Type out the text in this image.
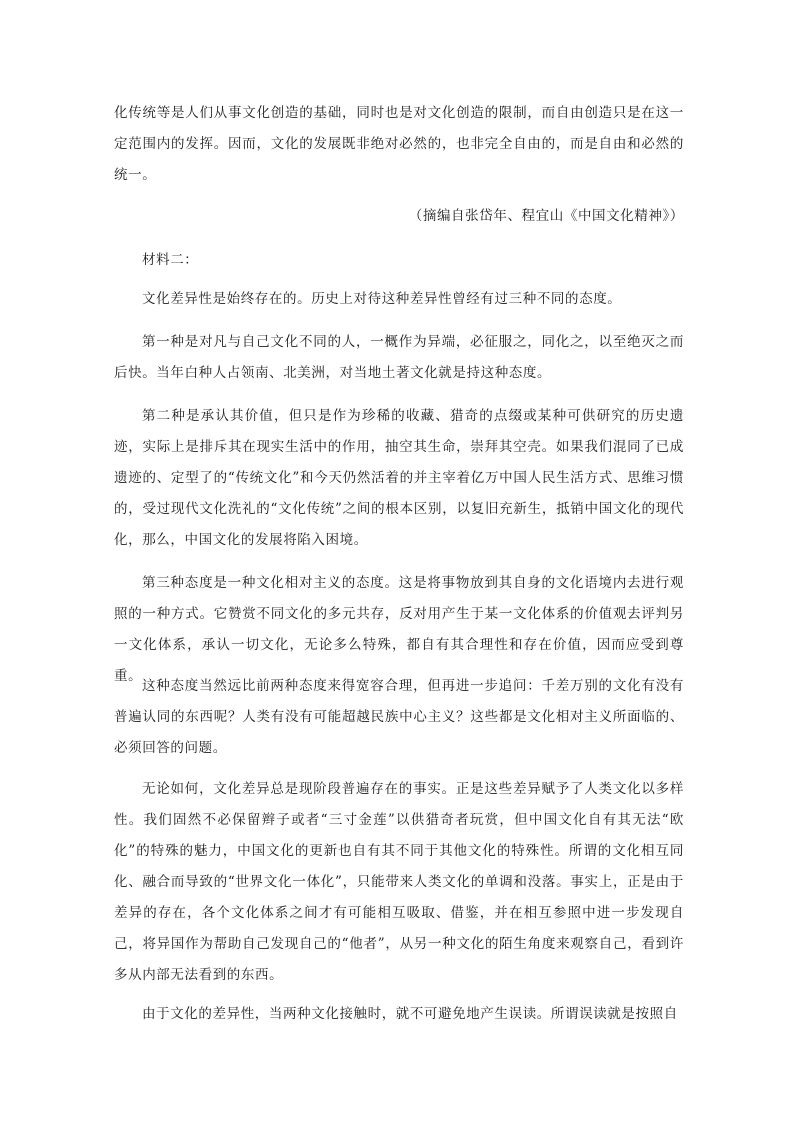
化传统等是人们从事文化创造的基础，同时也是对文化创造的限制，而自由创造只是在这一定范围内的发挥。因而，文化的发展既非绝对必然的，也非完全自由的，而是自由和必然的统一。

（摘编自张岱年、程宜山《中国文化精神》）

材料二：

文化差异性是始终存在的。历史上对待这种差异性曾经有过三种不同的态度。

第一种是对凡与自己文化不同的人，一概作为异端，必征服之，同化之，以至绝灭之而后快。当年白种人占领南、北美洲，对当地土著文化就是持这种态度。

第二种是承认其价值，但只是作为珍稀的收藏、猎奇的点缀或某种可供研究的历史遗迹，实际上是排斥其在现实生活中的作用，抽空其生命，崇拜其空壳。如果我们混同了已成遗迹的、定型了的“传统文化”和今天仍然活着的并主宰着亿万中国人民生活方式、思维习惯的，受过现代文化洗礼的“文化传统”之间的根本区别，以复旧充新生，抵销中国文化的现代化，那么，中国文化的发展将陷入困境。

第三种态度是一种文化相对主义的态度。这是将事物放到其自身的文化语境内去进行观照的一种方式。它赞赏不同文化的多元共存，反对用产生于某一文化体系的价值观去评判另一文化体系，承认一切文化，无论多么特殊，都自有其合理性和存在价值，因而应受到尊重。

这种态度当然远比前两种态度来得宽容合理，但再进一步追问：千差万别的文化有没有普遍认同的东西呢？人类有没有可能超越民族中心主义？这些都是文化相对主义所面临的、必须回答的问题。

无论如何，文化差异总是现阶段普遍存在的事实。正是这些差异赋予了人类文化以多样性。我们固然不必保留辫子或者“三寸金莲”以供猎奇者玩赏，但中国文化自有其无法“欧化”的特殊的魅力，中国文化的更新也自有其不同于其他文化的特殊性。所谓的文化相互同化、融合而导致的“世界文化一体化”，只能带来人类文化的单调和没落。事实上，正是由于差异的存在，各个文化体系之间才有可能相互吸取、借鉴，并在相互参照中进一步发现自己，将异国作为帮助自己发现自己的“他者”，从另一种文化的陌生角度来观察自己，看到许多从内部无法看到的东西。

由于文化的差异性，当两种文化接触时，就不可避免地产生误读。所谓误读就是按照自
